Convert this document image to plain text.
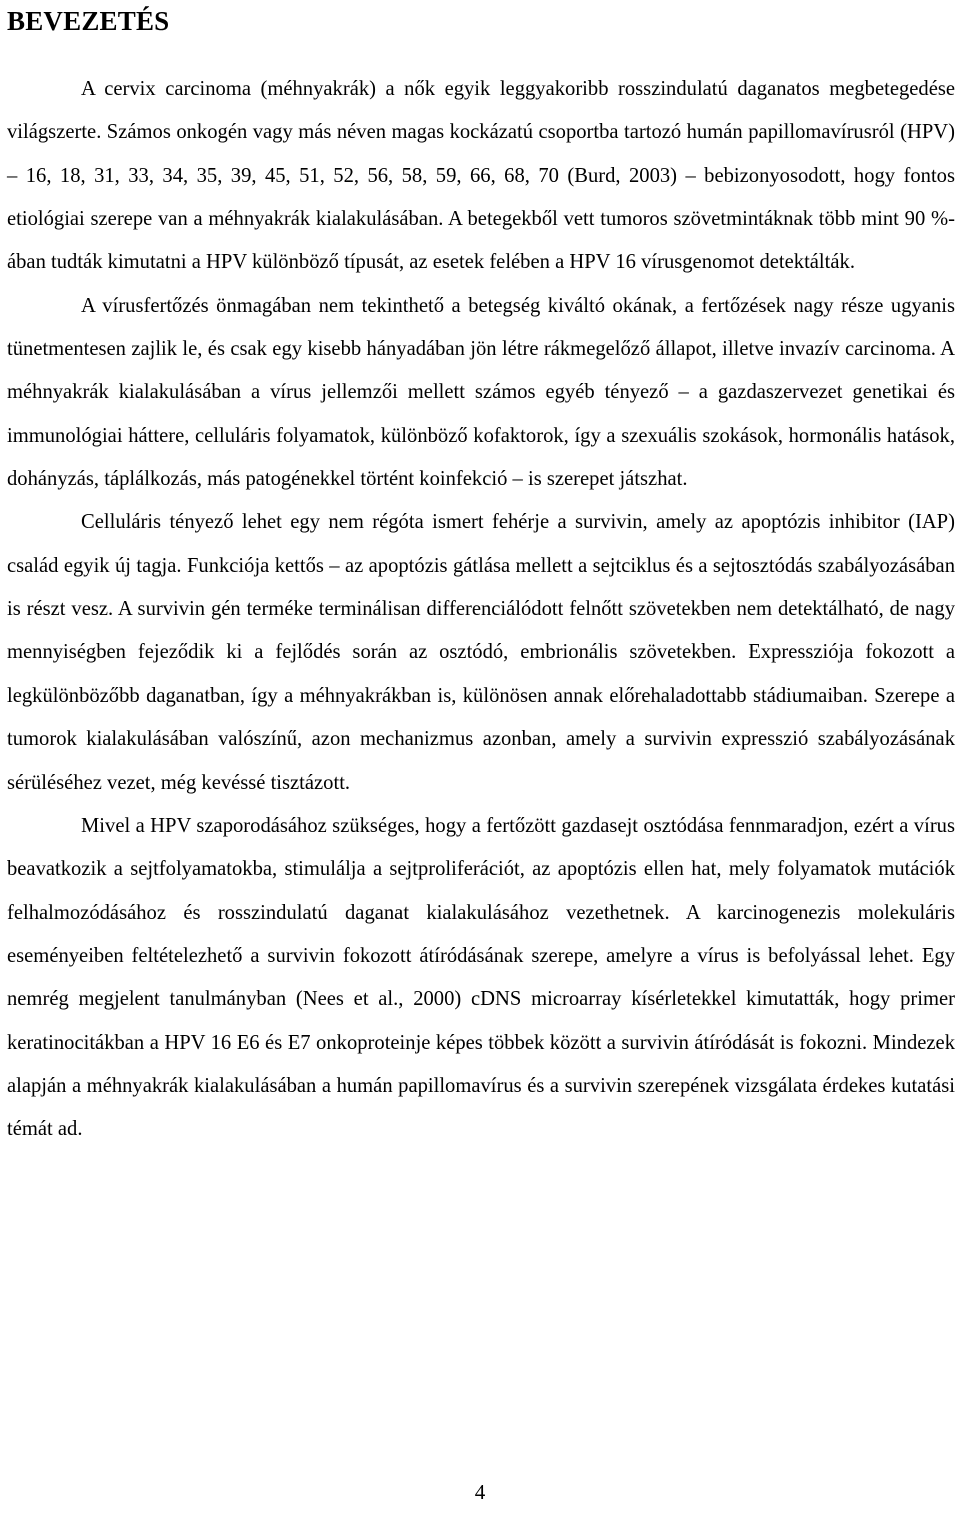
BEVEZETÉS

A cervix carcinoma (méhnyakrák) a nők egyik leggyakoribb rosszindulatú daganatos megbetegedése világszerte. Számos onkogén vagy más néven magas kockázatú csoportba tartozó humán papillomavírusról (HPV) – 16, 18, 31, 33, 34, 35, 39, 45, 51, 52, 56, 58, 59, 66, 68, 70 (Burd, 2003) – bebizonyosodott, hogy fontos etiológiai szerepe van a méhnyakrák kialakulásában. A betegekből vett tumoros szövetmintáknak több mint 90 %-ában tudták kimutatni a HPV különböző típusát, az esetek felében a HPV 16 vírusgenomot detektálták.

A vírusfertőzés önmagában nem tekinthető a betegség kiváltó okának, a fertőzések nagy része ugyanis tünetmentesen zajlik le, és csak egy kisebb hányadában jön létre rákmegelőző állapot, illetve invazív carcinoma. A méhnyakrák kialakulásában a vírus jellemzői mellett számos egyéb tényező – a gazdaszervezet genetikai és immunológiai háttere, celluláris folyamatok, különböző kofaktorok, így a szexuális szokások, hormonális hatások, dohányzás, táplálkozás, más patogénekkel történt koinfekció – is szerepet játszhat.

Celluláris tényező lehet egy nem régóta ismert fehérje a survivin, amely az apoptózis inhibitor (IAP) család egyik új tagja. Funkciója kettős – az apoptózis gátlása mellett a sejtciklus és a sejtosztódás szabályozásában is részt vesz. A survivin gén terméke terminálisan differenciálódott felnőtt szövetekben nem detektálható, de nagy mennyiségben fejeződik ki a fejlődés során az osztódó, embrionális szövetekben. Expressziója fokozott a legkülönbözőbb daganatban, így a méhnyakrákban is, különösen annak előrehaladottabb stádiumaiban. Szerepe a tumorok kialakulásában valószínű, azon mechanizmus azonban, amely a survivin expresszió szabályozásának sérüléséhez vezet, még kevéssé tisztázott.

Mivel a HPV szaporodásához szükséges, hogy a fertőzött gazdasejt osztódása fennmaradjon, ezért a vírus beavatkozik a sejtfolyamatokba, stimulálja a sejtproliferációt, az apoptózis ellen hat, mely folyamatok mutációk felhalmozódásához és rosszindulatú daganat kialakulásához vezethetnek. A karcinogenezis molekuláris eseményeiben feltételezhető a survivin fokozott átíródásának szerepe, amelyre a vírus is befolyással lehet. Egy nemrég megjelent tanulmányban (Nees et al., 2000) cDNS microarray kísérletekkel kimutatták, hogy primer keratinocitákban a HPV 16 E6 és E7 onkoproteinje képes többek között a survivin átíródását is fokozni. Mindezek alapján a méhnyakrák kialakulásában a humán papillomavírus és a survivin szerepének vizsgálata érdekes kutatási témát ad.

4
